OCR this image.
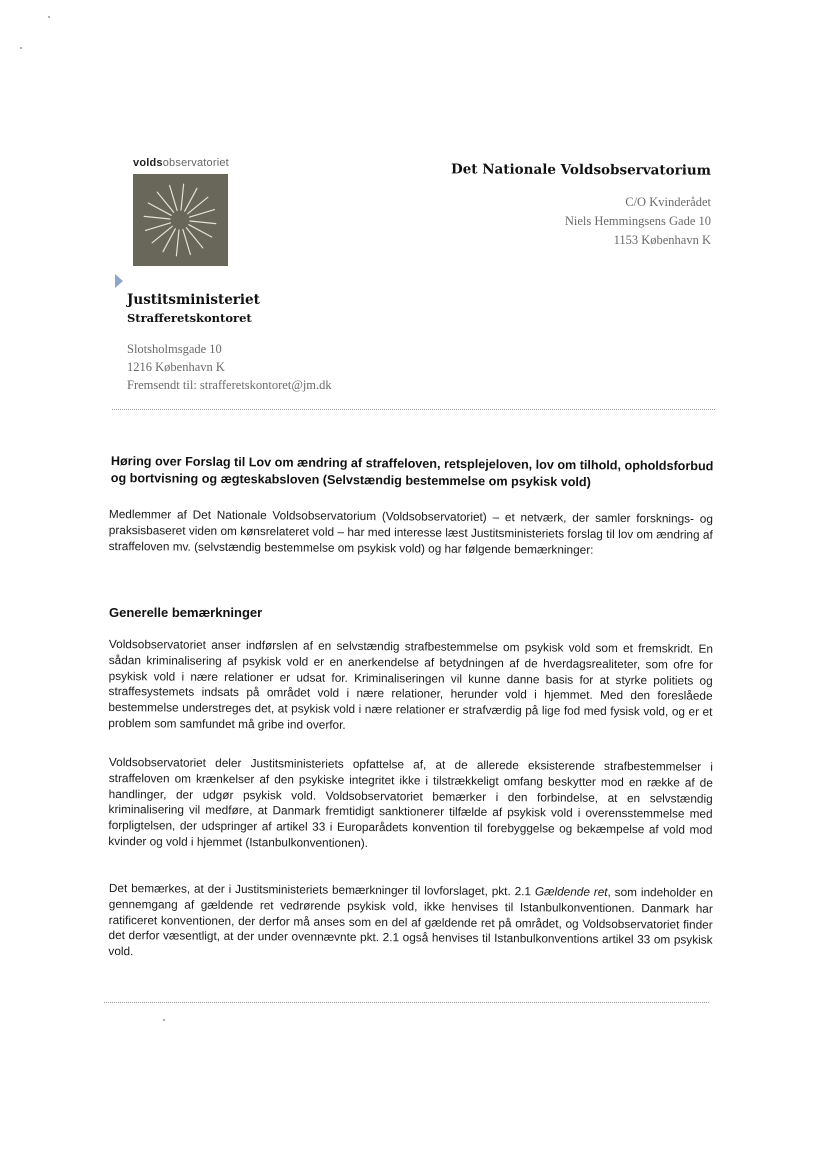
voldsobservatoriet	Det Nationale Voldsobservatorium
C/O Kvinderådet
Niels Hemmingsens Gade 10
1153 København K
Justitsministeriet
Strafferetskontoret
Slotsholmsgade 10
1216 København K
Fremsendt til: strafferetskontoret@jm.dk
Høring over Forslag til Lov om ændring af straffeloven, retsplejeloven, lov om tilhold, opholdsforbud og bortvisning og ægteskabsloven (Selvstændig bestemmelse om psykisk vold)
Medlemmer af Det Nationale Voldsobservatorium (Voldsobservatoriet) – et netværk, der samler forsknings- og praksisbaseret viden om kønsrelateret vold – har med interesse læst Justitsministeriets forslag til lov om ændring af straffeloven mv. (selvstændig bestemmelse om psykisk vold) og har følgende bemærkninger:
Generelle bemærkninger
Voldsobservatoriet anser indførslen af en selvstændig strafbestemmelse om psykisk vold som et fremskridt. En sådan kriminalisering af psykisk vold er en anerkendelse af betydningen af de hverdagsrealiteter, som ofre for psykisk vold i nære relationer er udsat for. Kriminaliseringen vil kunne danne basis for at styrke politiets og straffesystemets indsats på området vold i nære relationer, herunder vold i hjemmet. Med den foreslåede bestemmelse understreges det, at psykisk vold i nære relationer er strafværdig på lige fod med fysisk vold, og er et problem som samfundet må gribe ind overfor.
Voldsobservatoriet deler Justitsministeriets opfattelse af, at de allerede eksisterende strafbestemmelser i straffeloven om krænkelser af den psykiske integritet ikke i tilstrækkeligt omfang beskytter mod en række af de handlinger, der udgør psykisk vold. Voldsobservatoriet bemærker i den forbindelse, at en selvstændig kriminalisering vil medføre, at Danmark fremtidigt sanktionerer tilfælde af psykisk vold i overensstemmelse med forpligtelsen, der udspringer af artikel 33 i Europarådets konvention til forebyggelse og bekæmpelse af vold mod kvinder og vold i hjemmet (Istanbulkonventionen).
Det bemærkes, at der i Justitsministeriets bemærkninger til lovforslaget, pkt. 2.1 Gældende ret, som indeholder en gennemgang af gældende ret vedrørende psykisk vold, ikke henvises til Istanbulkonventionen. Danmark har ratificeret konventionen, der derfor må anses som en del af gældende ret på området, og Voldsobservatoriet finder det derfor væsentligt, at der under ovennævnte pkt. 2.1 også henvises til Istanbulkonventions artikel 33 om psykisk vold.
